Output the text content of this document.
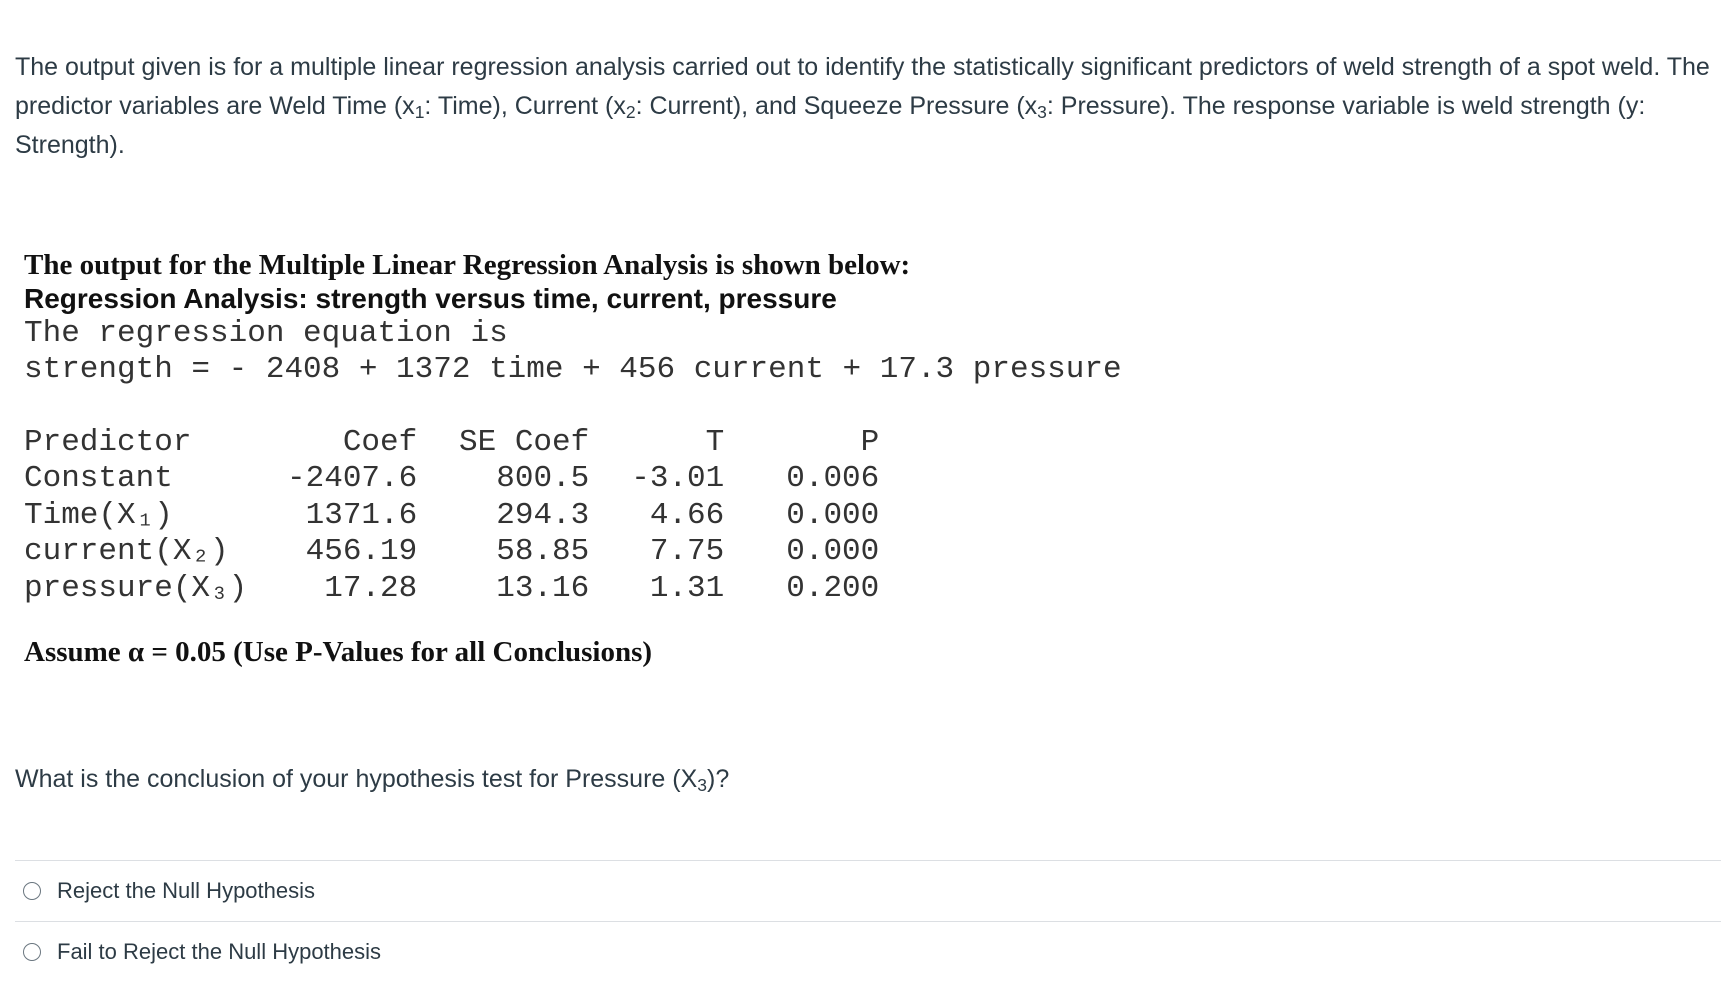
The output given is for a multiple linear regression analysis carried out to identify the statistically significant predictors of weld strength of a spot weld. The predictor variables are Weld Time ($x_1$: Time), Current ($x_2$: Current), and Squeeze Pressure ($x_3$: Pressure). The response variable is weld strength (y: Strength).

The output for the Multiple Linear Regression Analysis is shown below:

Regression Analysis: strength versus time, current, pressure

The regression equation is
strength = - 2408 + 1372 time + 456 current + 17.3 pressure
Predictor	Coef	SE Coef	T	P
Constant	-2407.6	800.5	-3.01	0.006
Time(X₁)	1371.6	294.3	4.66	0.000
current(X₂)	456.19	58.85	7.75	0.000
pressure(X₃)	17.28	13.16	1.31	0.200
Assume α = 0.05 (Use P-Values for all Conclusions)
What is the conclusion of your hypothesis test for Pressure $(X_3)$?
Reject the Null Hypothesis
Fail to Reject the Null Hypothesis
